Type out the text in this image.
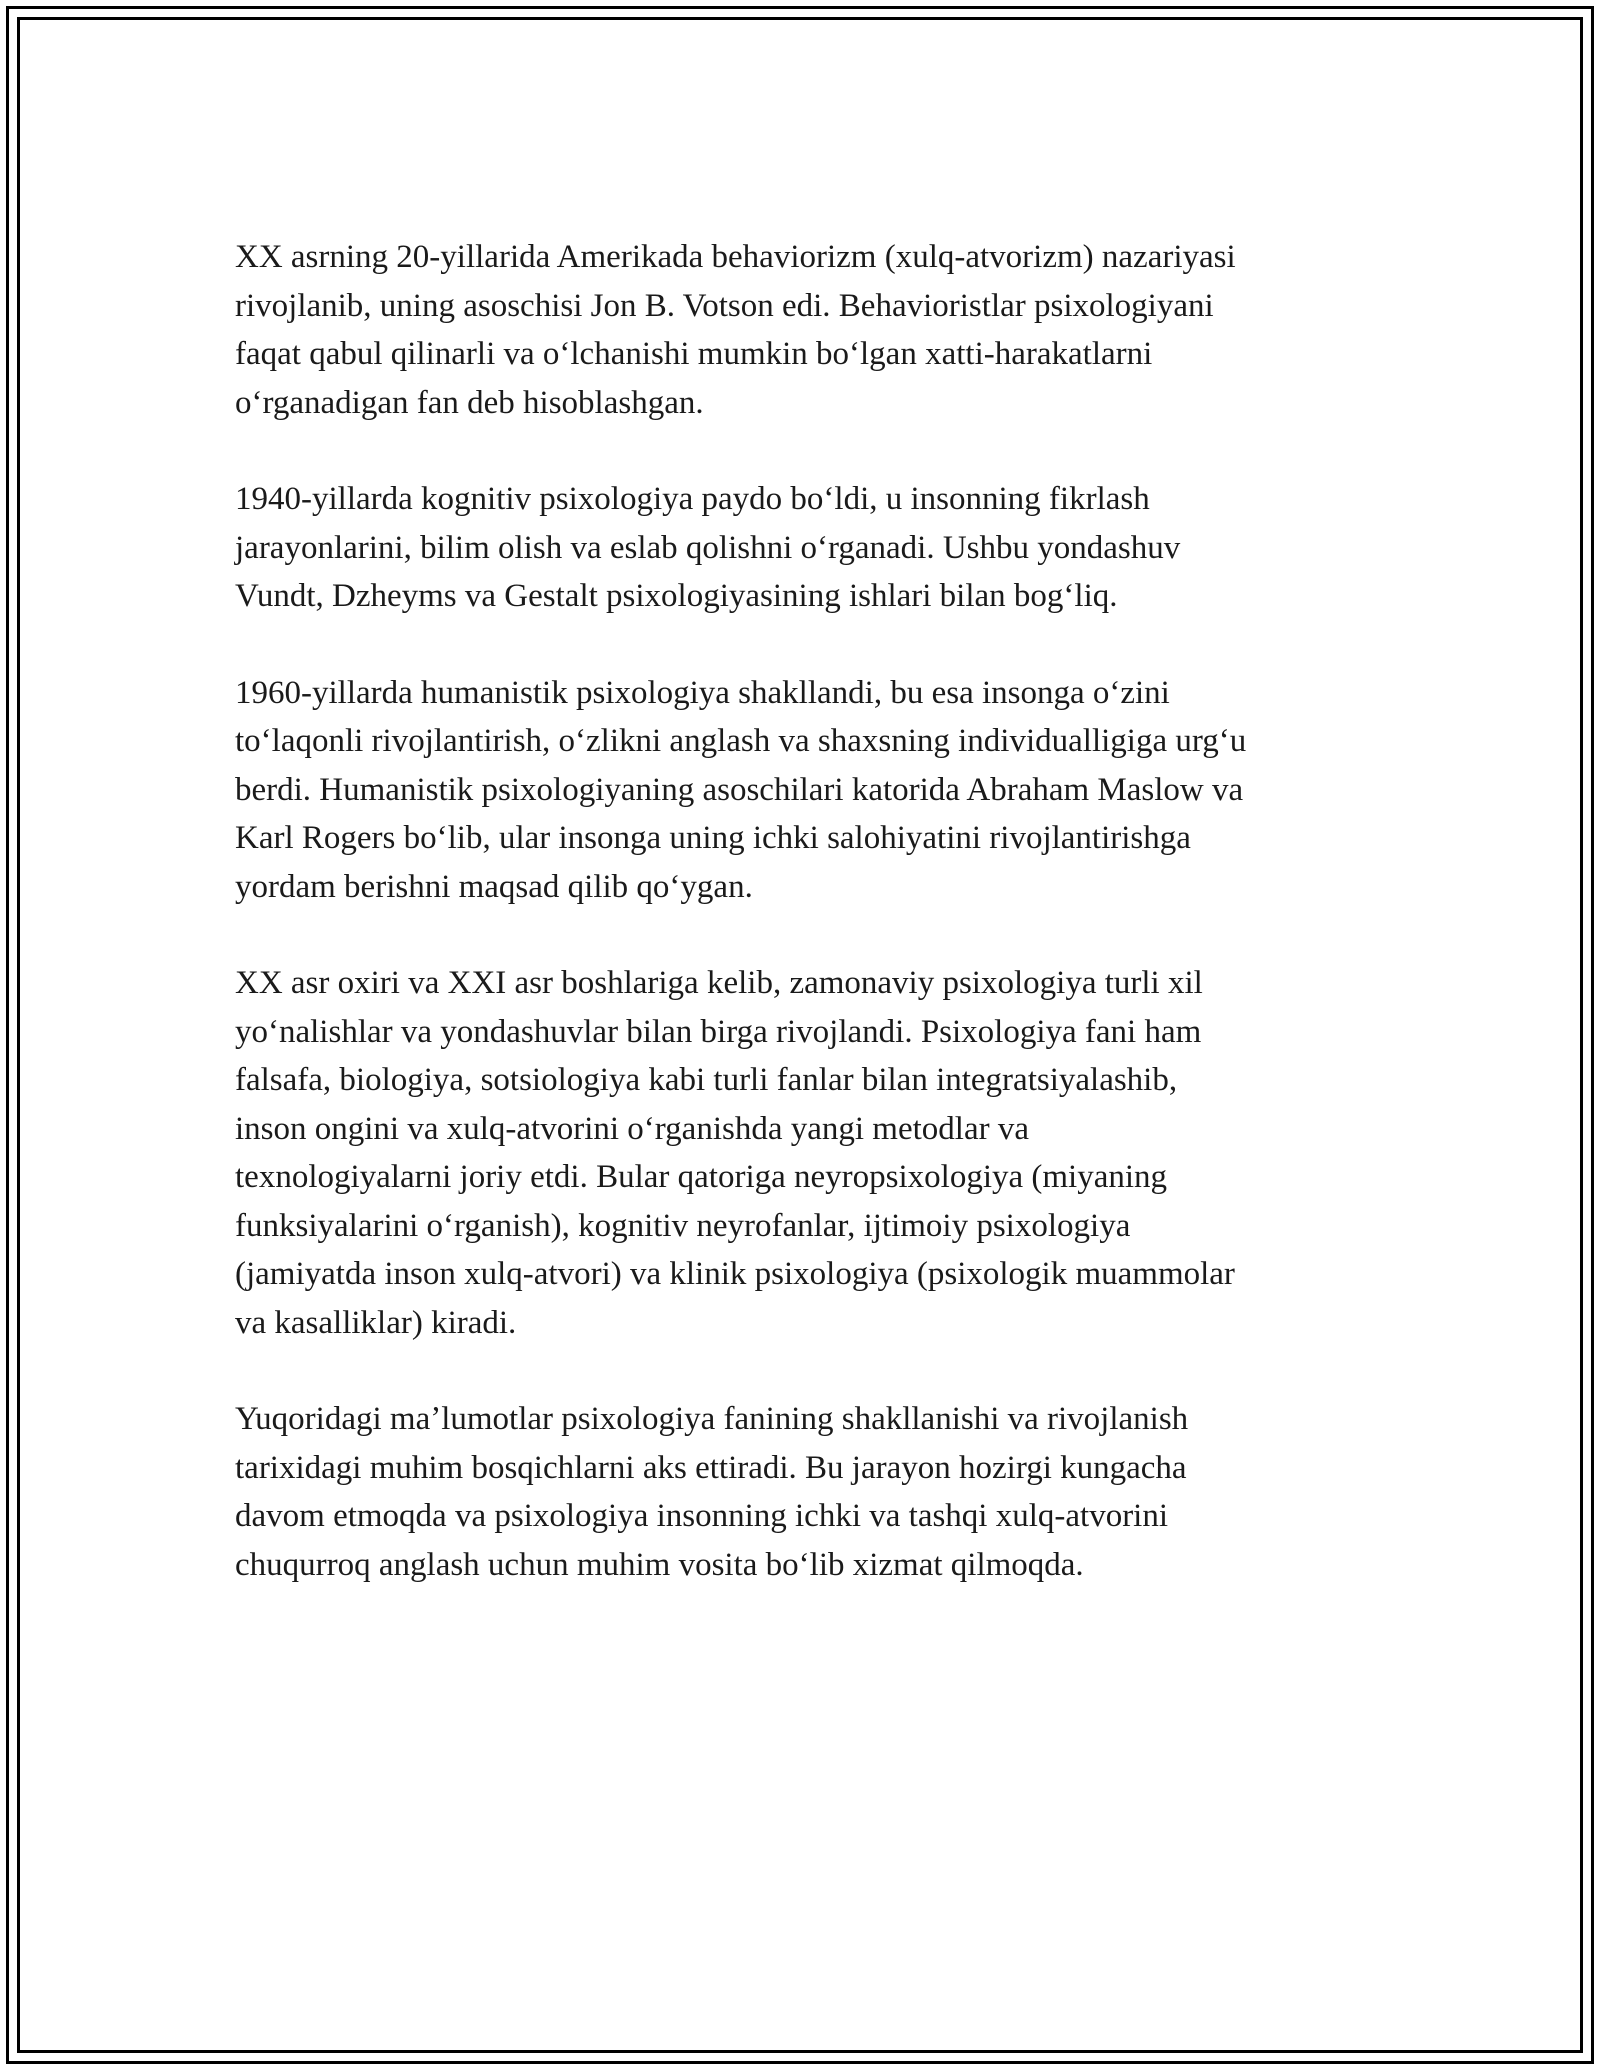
XX asrning 20-yillarida Amerikada behaviorizm (xulq-atvorizm) nazariyasi
rivojlanib, uning asoschisi Jon B. Votson edi. Behavioristlar psixologiyani
faqat qabul qilinarli va oʻlchanishi mumkin boʻlgan xatti-harakatlarni
oʻrganadigan fan deb hisoblashgan.

1940-yillarda kognitiv psixologiya paydo boʻldi, u insonning fikrlash
jarayonlarini, bilim olish va eslab qolishni oʻrganadi. Ushbu yondashuv
Vundt, Dzheyms va Gestalt psixologiyasining ishlari bilan bogʻliq.

1960-yillarda humanistik psixologiya shakllandi, bu esa insonga oʻzini
toʻlaqonli rivojlantirish, oʻzlikni anglash va shaxsning individualligiga urgʻu
berdi. Humanistik psixologiyaning asoschilari katorida Abraham Maslow va
Karl Rogers boʻlib, ular insonga uning ichki salohiyatini rivojlantirishga
yordam berishni maqsad qilib qoʻygan.

XX asr oxiri va XXI asr boshlariga kelib, zamonaviy psixologiya turli xil
yoʻnalishlar va yondashuvlar bilan birga rivojlandi. Psixologiya fani ham
falsafa, biologiya, sotsiologiya kabi turli fanlar bilan integratsiyalashib,
inson ongini va xulq-atvorini oʻrganishda yangi metodlar va
texnologiyalarni joriy etdi. Bular qatoriga neyropsixologiya (miyaning
funksiyalarini oʻrganish), kognitiv neyrofanlar, ijtimoiy psixologiya
(jamiyatda inson xulq-atvori) va klinik psixologiya (psixologik muammolar
va kasalliklar) kiradi.

Yuqoridagi maʼlumotlar psixologiya fanining shakllanishi va rivojlanish
tarixidagi muhim bosqichlarni aks ettiradi. Bu jarayon hozirgi kungacha
davom etmoqda va psixologiya insonning ichki va tashqi xulq-atvorini
chuqurroq anglash uchun muhim vosita boʻlib xizmat qilmoqda.
